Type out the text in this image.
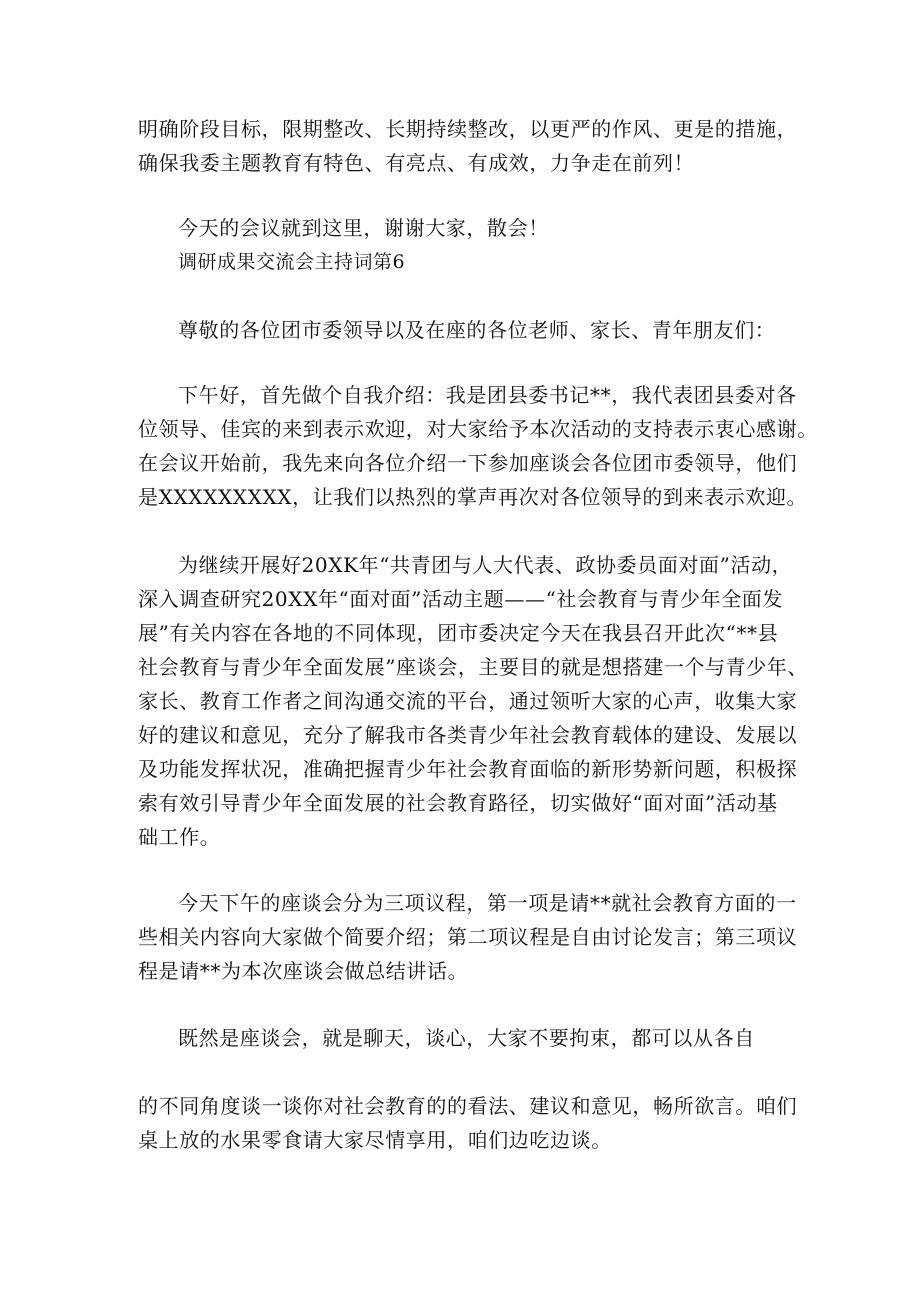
明确阶段目标，限期整改、长期持续整改，以更严的作风、更是的措施，
确保我委主题教育有特色、有亮点、有成效，力争走在前列！
今天的会议就到这里，谢谢大家，散会！
调研成果交流会主持词第6
尊敬的各位团市委领导以及在座的各位老师、家长、青年朋友们：
下午好，首先做个自我介绍：我是团县委书记**，我代表团县委对各
位领导、佳宾的来到表示欢迎，对大家给予本次活动的支持表示衷心感谢。
在会议开始前，我先来向各位介绍一下参加座谈会各位团市委领导，他们
是XXXXXXXXX，让我们以热烈的掌声再次对各位领导的到来表示欢迎。
为继续开展好20XK年“共青团与人大代表、政协委员面对面”活动，
深入调查研究20XX年“面对面”活动主题——“社会教育与青少年全面发
展”有关内容在各地的不同体现，团市委决定今天在我县召开此次“**县
社会教育与青少年全面发展”座谈会，主要目的就是想搭建一个与青少年、
家长、教育工作者之间沟通交流的平台，通过领听大家的心声，收集大家
好的建议和意见，充分了解我市各类青少年社会教育载体的建设、发展以
及功能发挥状况，准确把握青少年社会教育面临的新形势新问题，积极探
索有效引导青少年全面发展的社会教育路径，切实做好“面对面”活动基
础工作。
今天下午的座谈会分为三项议程，第一项是请**就社会教育方面的一
些相关内容向大家做个简要介绍；第二项议程是自由讨论发言；第三项议
程是请**为本次座谈会做总结讲话。
既然是座谈会，就是聊天，谈心，大家不要拘束，都可以从各自
的不同角度谈一谈你对社会教育的的看法、建议和意见，畅所欲言。咱们
桌上放的水果零食请大家尽情享用，咱们边吃边谈。
